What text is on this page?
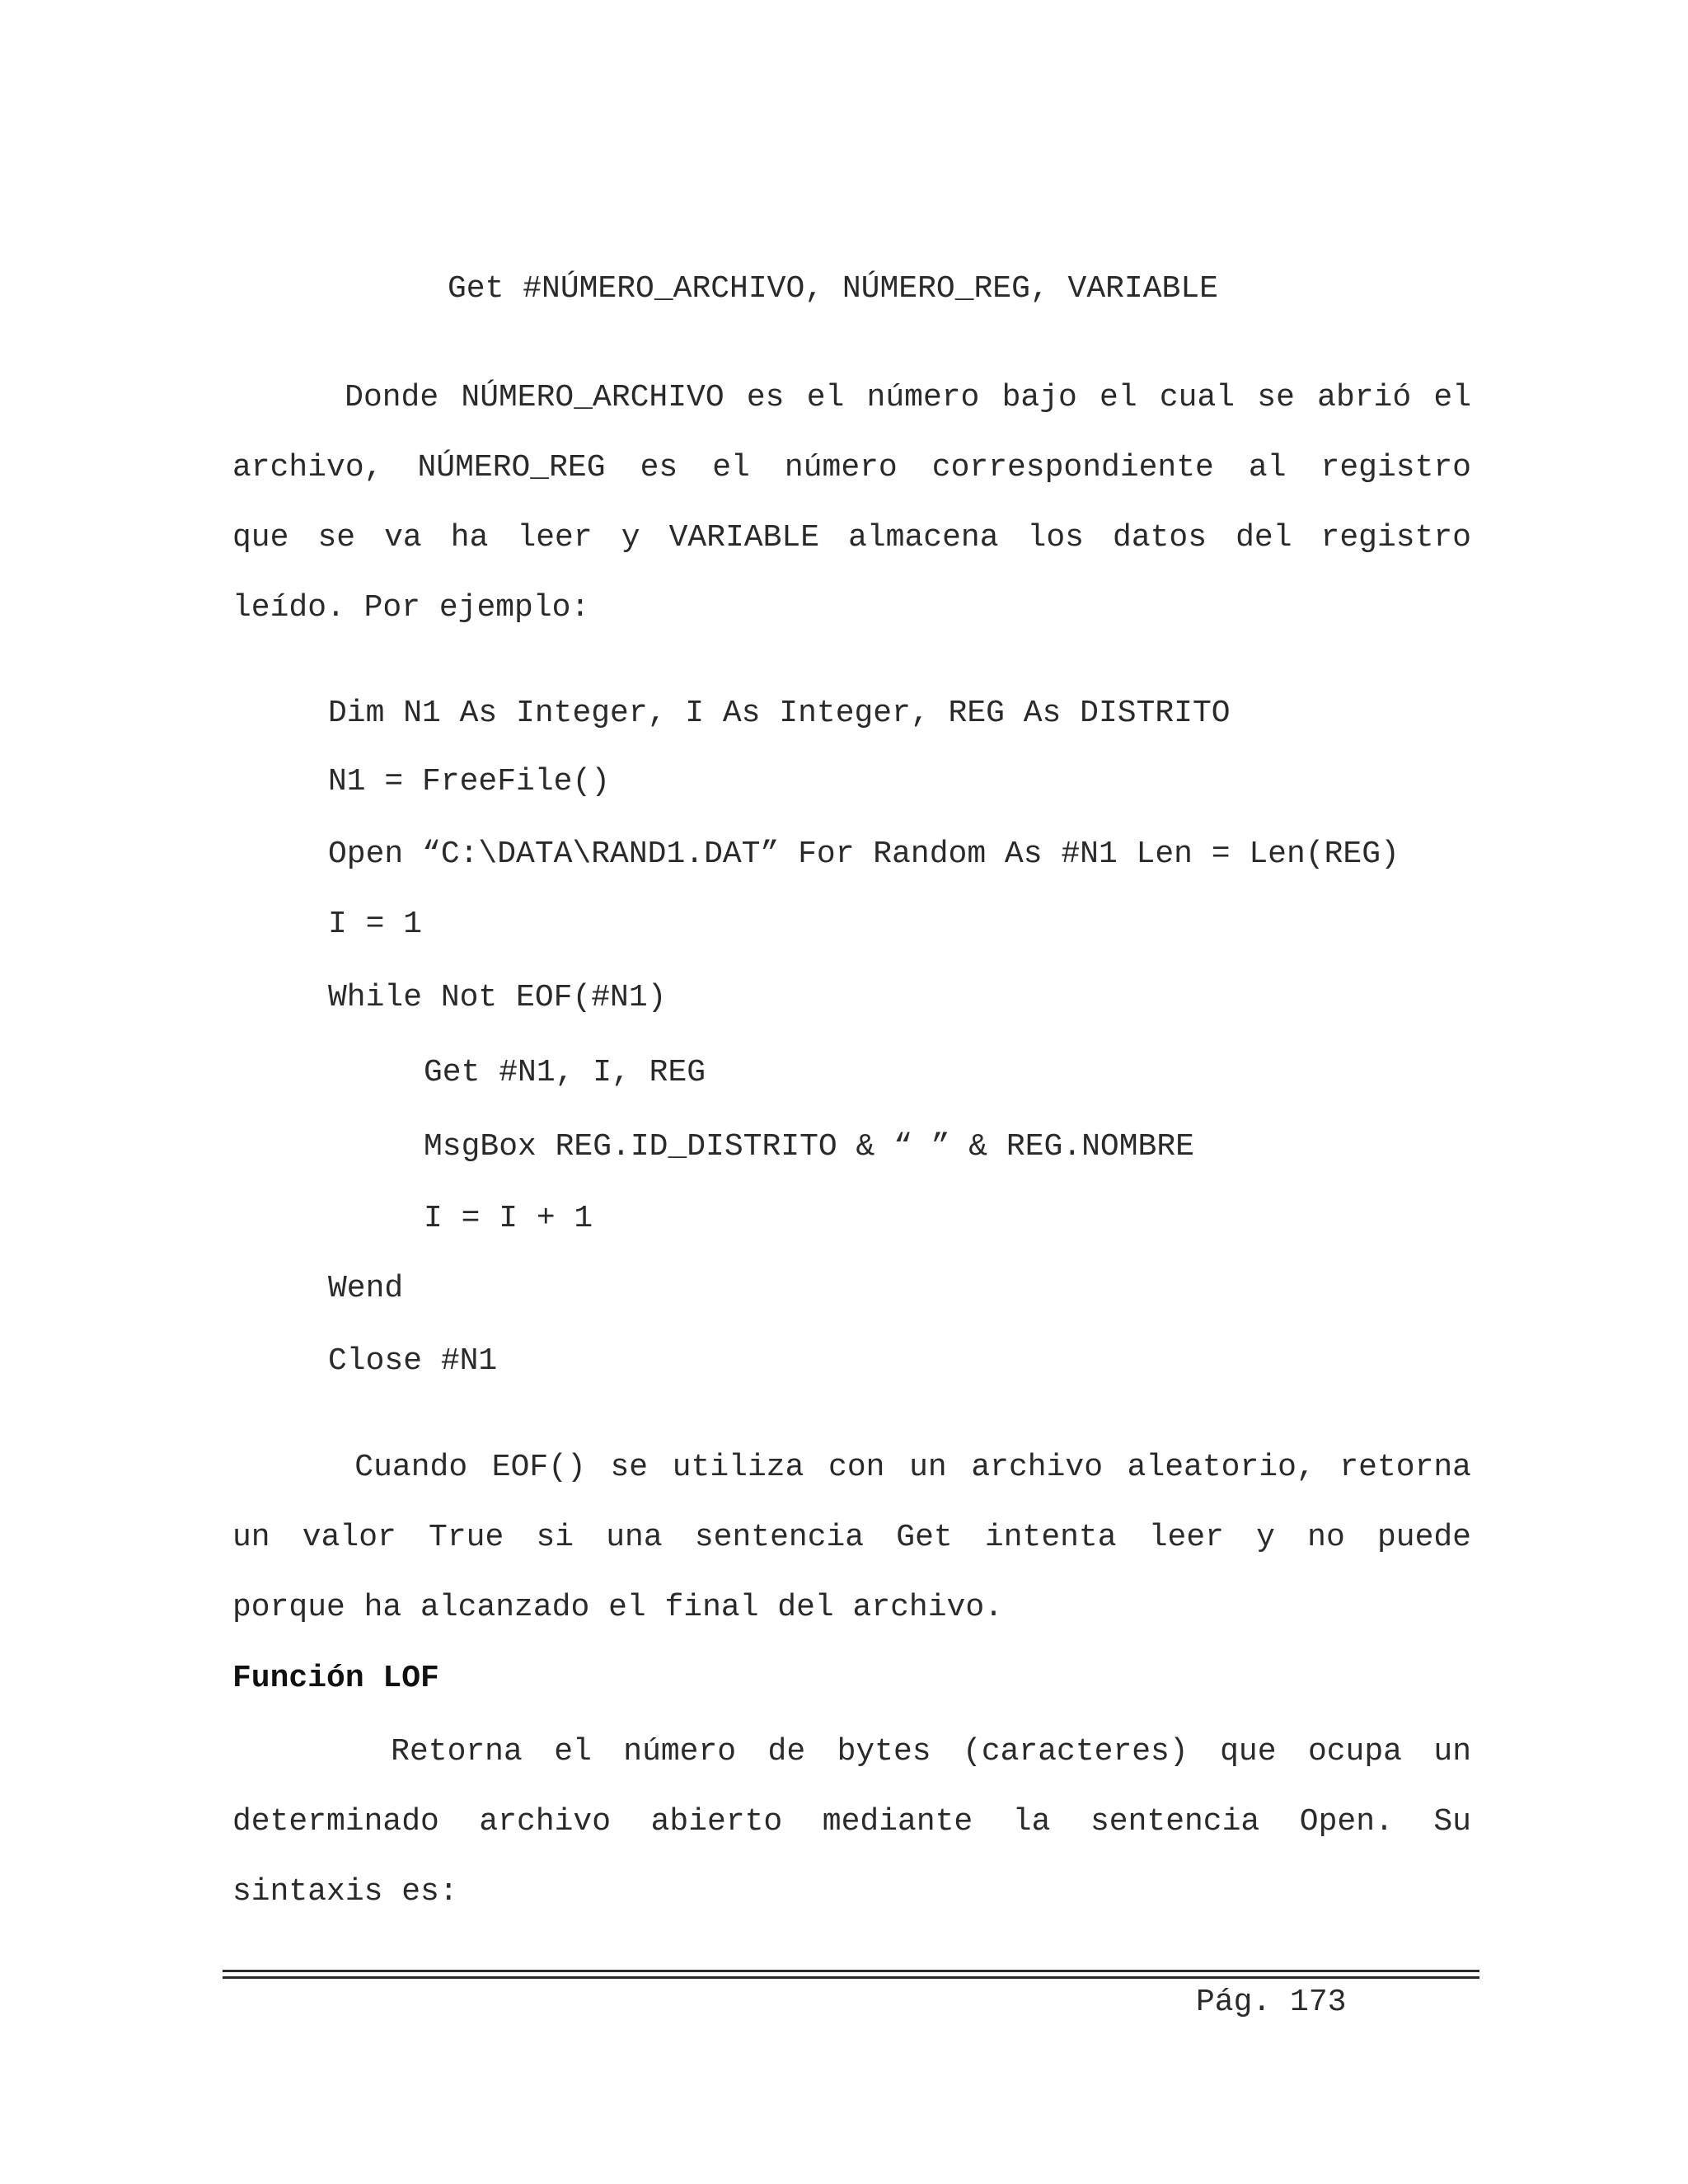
Get #NÚMERO_ARCHIVO, NÚMERO_REG, VARIABLE
Donde NÚMERO_ARCHIVO es el número bajo el cual se abrió el
archivo, NÚMERO_REG es el número correspondiente al registro
que se va ha leer y VARIABLE almacena los datos del registro
leído. Por ejemplo:
Dim N1 As Integer, I As Integer, REG As DISTRITO
N1 = FreeFile()
Open “C:\DATA\RAND1.DAT” For Random As #N1 Len = Len(REG)
I = 1
While Not EOF(#N1)
Get #N1, I, REG
MsgBox REG.ID_DISTRITO & “ ” & REG.NOMBRE
I = I + 1
Wend
Close #N1
Cuando EOF() se utiliza con un archivo aleatorio, retorna
un valor True si una sentencia Get intenta leer y no puede
porque ha alcanzado el final del archivo.
Función LOF
Retorna el número de bytes (caracteres) que ocupa un
determinado archivo abierto mediante la sentencia Open. Su
sintaxis es:
Pág. 173
